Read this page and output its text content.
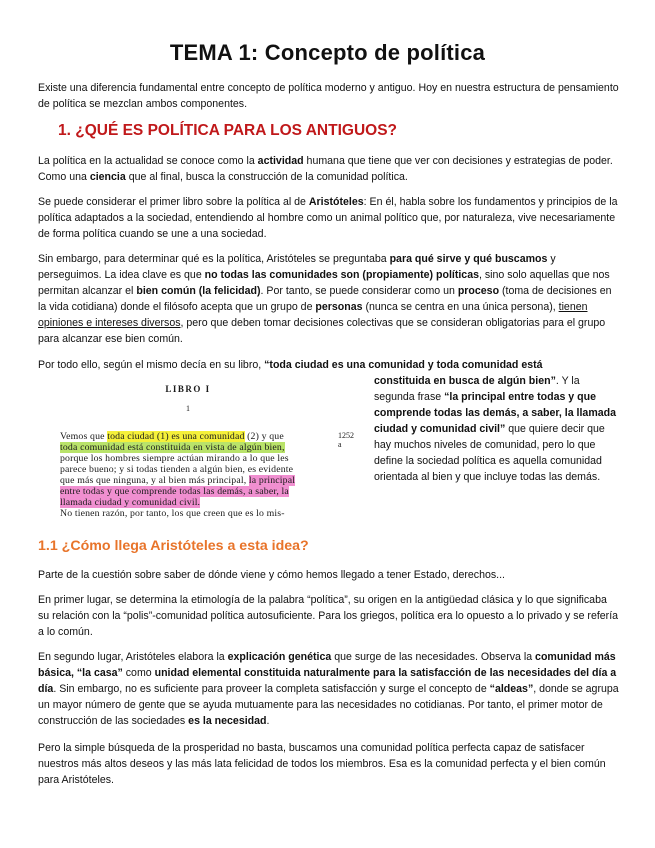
TEMA 1: Concepto de política

Existe una diferencia fundamental entre concepto de política moderno y antiguo. Hoy en nuestra estructura de pensamiento de política se mezclan ambos componentes.

1. ¿QUÉ ES POLÍTICA PARA LOS ANTIGUOS?

La política en la actualidad se conoce como la actividad humana que tiene que ver con decisiones y estrategias de poder. Como una ciencia que al final, busca la construcción de la comunidad política.

Se puede considerar el primer libro sobre la política al de Aristóteles: En él, habla sobre los fundamentos y principios de la política adaptados a la sociedad, entendiendo al hombre como un animal político que, por naturaleza, vive necesariamente de forma política cuando se une a una sociedad.

Sin embargo, para determinar qué es la política, Aristóteles se preguntaba para qué sirve y qué buscamos y perseguimos. La idea clave es que no todas las comunidades son (propiamente) políticas, sino solo aquellas que nos permitan alcanzar el bien común (la felicidad). Por tanto, se puede considerar como un proceso (toma de decisiones en la vida cotidiana) donde el filósofo acepta que un grupo de personas (nunca se centra en una única persona), tienen opiniones e intereses diversos, pero que deben tomar decisiones colectivas que se consideran obligatorias para el grupo para alcanzar ese bien común.

Por todo ello, según el mismo decía en su libro, “toda ciudad es una comunidad y toda comunidad está

LIBRO I
1
1252 a
Vemos que toda ciudad (1) es una comunidad (2) y que
toda comunidad está constituida en vista de algún bien,
porque los hombres siempre actúan mirando a lo que les
parece bueno; y si todas tienden a algún bien, es evidente
que más que ninguna, y al bien más principal, la principal
entre todas y que comprende todas las demás, a saber, la
llamada ciudad y comunidad civil.
No tienen razón, por tanto, los que creen que es lo mis-

constituida en busca de algún bien”. Y la segunda frase “la principal entre todas y que comprende todas las demás, a saber, la llamada ciudad y comunidad civil” que quiere decir que hay muchos niveles de comunidad, pero lo que define la sociedad política es aquella comunidad orientada al bien y que incluye todas las demás.

1.1 ¿Cómo llega Aristóteles a esta idea?

Parte de la cuestión sobre saber de dónde viene y cómo hemos llegado a tener Estado, derechos...

En primer lugar, se determina la etimología de la palabra “política”, su origen en la antigüedad clásica y lo que significaba su relación con la “polis”-comunidad política autosuficiente. Para los griegos, política era lo opuesto a lo privado y se refería a lo común.

En segundo lugar, Aristóteles elabora la explicación genética que surge de las necesidades. Observa la comunidad más básica, “la casa” como unidad elemental constituida naturalmente para la satisfacción de las necesidades del día a día. Sin embargo, no es suficiente para proveer la completa satisfacción y surge el concepto de “aldeas”, donde se agrupa un mayor número de gente que se ayuda mutuamente para las necesidades no cotidianas. Por tanto, el primer motor de construcción de las sociedades es la necesidad.

Pero la simple búsqueda de la prosperidad no basta, buscamos una comunidad política perfecta capaz de satisfacer nuestros más altos deseos y las más lata felicidad de todos los miembros. Esa es la comunidad perfecta y el bien común para Aristóteles.
